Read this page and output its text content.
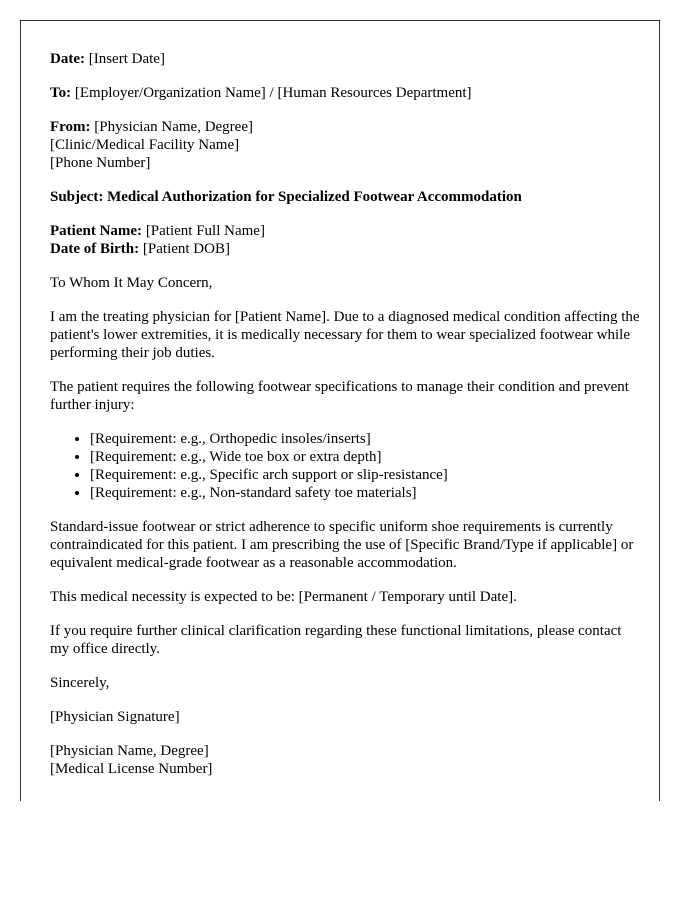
Date: [Insert Date]

To: [Employer/Organization Name] / [Human Resources Department]

From: [Physician Name, Degree]
[Clinic/Medical Facility Name]
[Phone Number]

Subject: Medical Authorization for Specialized Footwear Accommodation

Patient Name: [Patient Full Name]
Date of Birth: [Patient DOB]

To Whom It May Concern,

I am the treating physician for [Patient Name]. Due to a diagnosed medical condition affecting the patient's lower extremities, it is medically necessary for them to wear specialized footwear while performing their job duties.

The patient requires the following footwear specifications to manage their condition and prevent further injury:

• [Requirement: e.g., Orthopedic insoles/inserts]
• [Requirement: e.g., Wide toe box or extra depth]
• [Requirement: e.g., Specific arch support or slip-resistance]
• [Requirement: e.g., Non-standard safety toe materials]

Standard-issue footwear or strict adherence to specific uniform shoe requirements is currently contraindicated for this patient. I am prescribing the use of [Specific Brand/Type if applicable] or equivalent medical-grade footwear as a reasonable accommodation.

This medical necessity is expected to be: [Permanent / Temporary until Date].

If you require further clinical clarification regarding these functional limitations, please contact my office directly.

Sincerely,

[Physician Signature]

[Physician Name, Degree]
[Medical License Number]
